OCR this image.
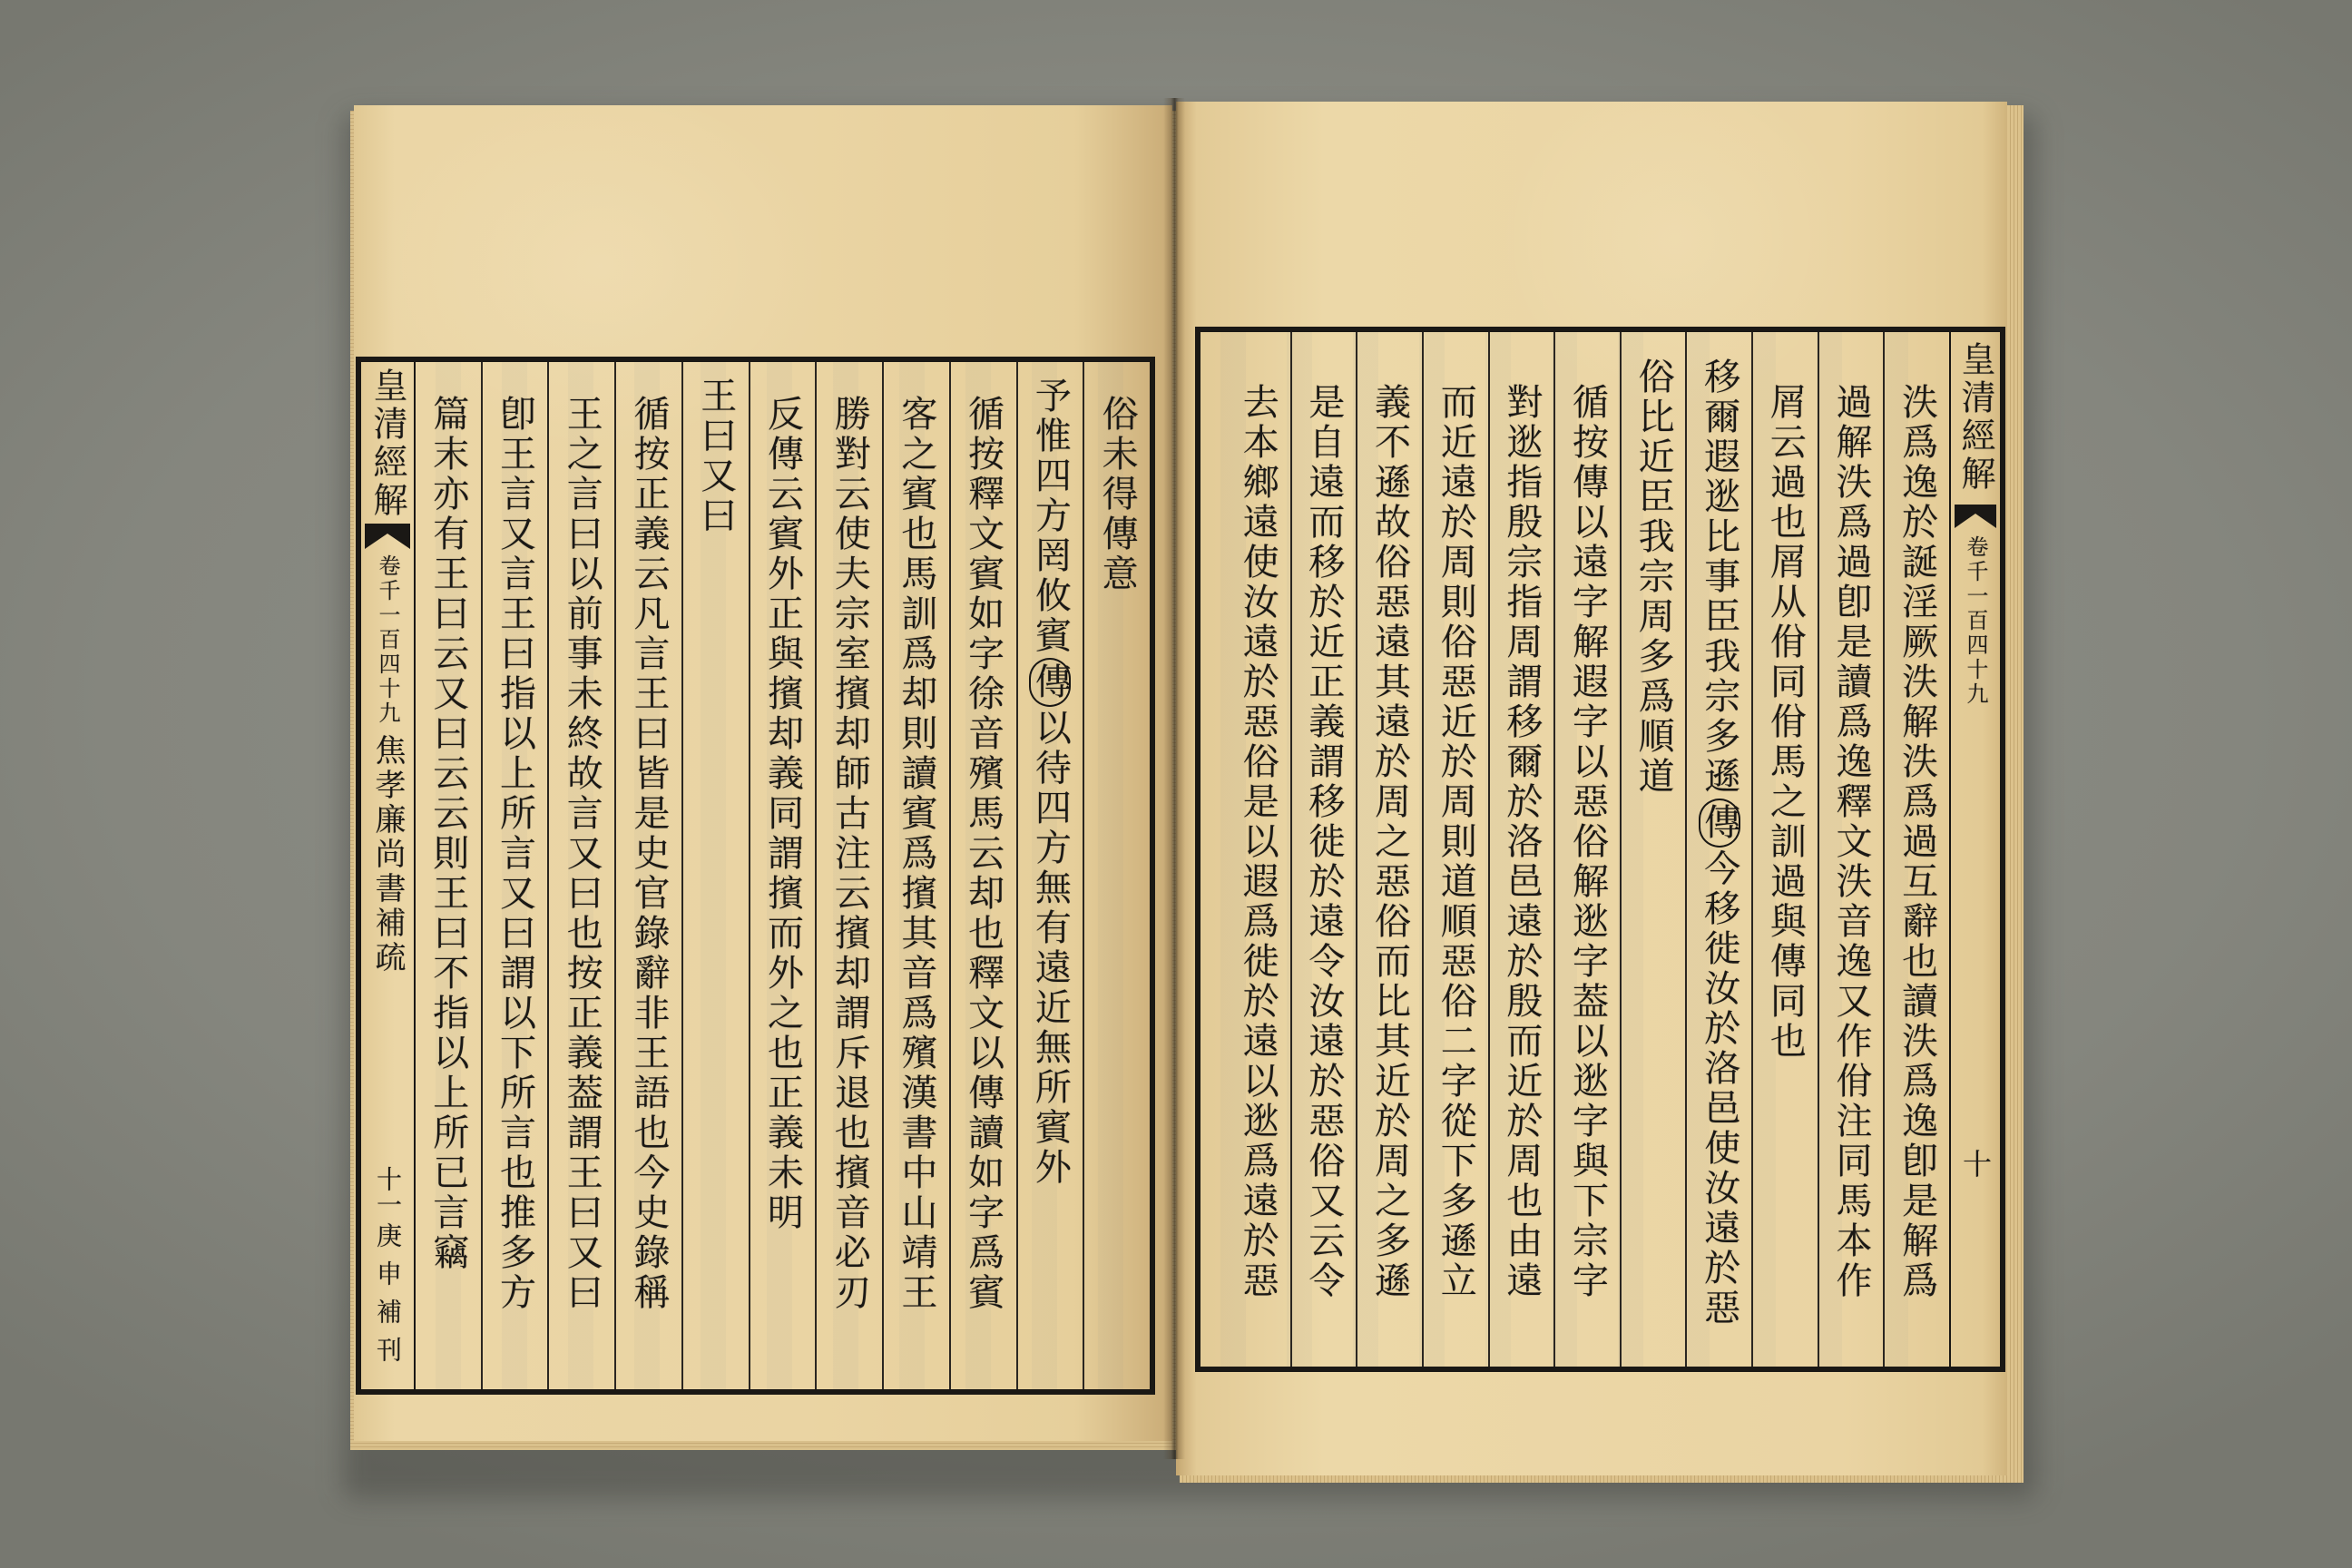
皇清經解
卷千一百四十九
焦孝廉尚書補疏
十一
庚申補刊
俗未得傳意
予惟四方罔攸賓傳以待四方無有遠近無所賓外
循按釋文賓如字徐音殯馬云却也釋文以傳讀如字爲賓
客之賓也馬訓爲却則讀賓爲擯其音爲殯漢書中山靖王
勝對云使夫宗室擯却師古注云擯却謂斥退也擯音必刃
反傳云賓外正與擯却義同謂擯而外之也正義未明
王曰又曰
循按正義云凡言王曰皆是史官錄辭非王語也今史錄稱
王之言曰以前事未終故言又曰也按正義葢謂王曰又曰
卽王言又言王曰指以上所言又曰謂以下所言也推多方
篇末亦有王曰云又曰云云則王曰不指以上所已言竊	泆爲逸於誕淫厥泆解泆爲過互辭也讀泆爲逸卽是解爲
過解泆爲過卽是讀爲逸釋文泆音逸又作佾注同馬本作
屑云過也屑从佾同佾馬之訓過與傳同也
移爾遐逖比事臣我宗多遜傳今移徙汝於洛邑使汝遠於惡
俗比近臣我宗周多爲順道
循按傳以遠字解遐字以惡俗解逖字葢以逖字與下宗字
對逖指殷宗指周謂移爾於洛邑遠於殷而近於周也由遠
而近遠於周則俗惡近於周則道順惡俗二字從下多遜立
義不遜故俗惡遠其遠於周之惡俗而比其近於周之多遜
是自遠而移於近正義謂移徙於遠令汝遠於惡俗又云令
去本鄉遠使汝遠於惡俗是以遐爲徙於遠以逖爲遠於惡	皇清經解
卷千一百四十九
十
